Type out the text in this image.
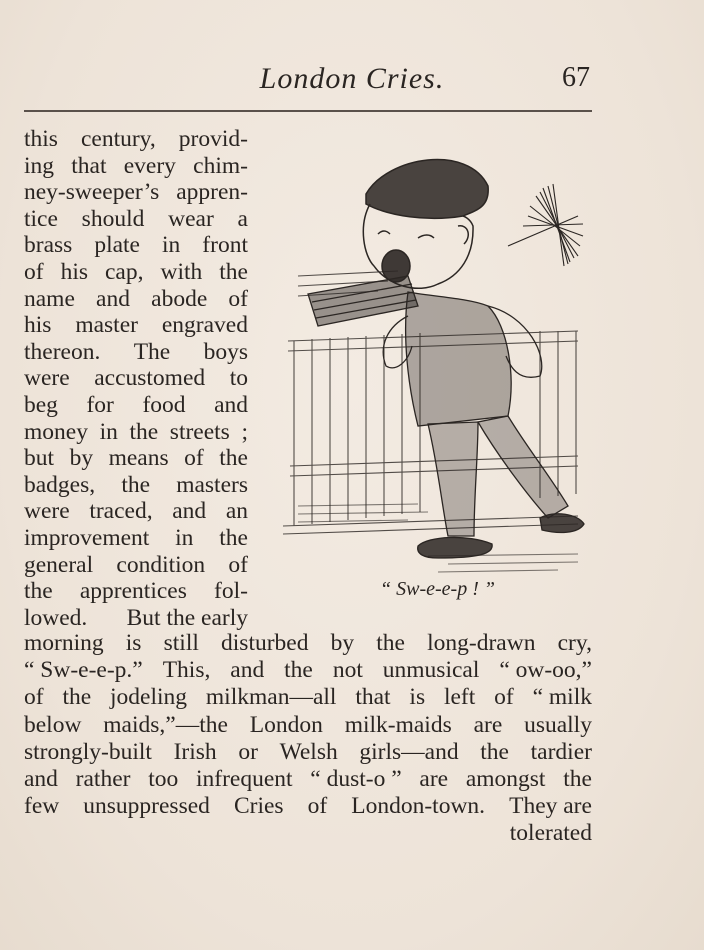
London Cries.	67
this century, provid-
ing that every chim-
ney-sweeper’s appren-
tice should wear a
brass plate in front
of his cap, with the
name and abode of
his master engraved
thereon. The boys
were accustomed to
beg for food and
money in the streets ;
but by means of the
badges, the masters
were traced, and an
improvement in the
general condition of
the apprentices fol-
lowed. But the early
“ Sw-e-e-p ! ”
morning is still disturbed by the long-drawn cry,
“ Sw-e-e-p.” This, and the not unmusical “ ow-oo,”
of the jodeling milkman—all that is left of “ milk
below maids,”—the London milk-maids are usually
strongly-built Irish or Welsh girls—and the tardier
and rather too infrequent “ dust-o ” are amongst the
few unsuppressed Cries of London-town. They are
tolerated
